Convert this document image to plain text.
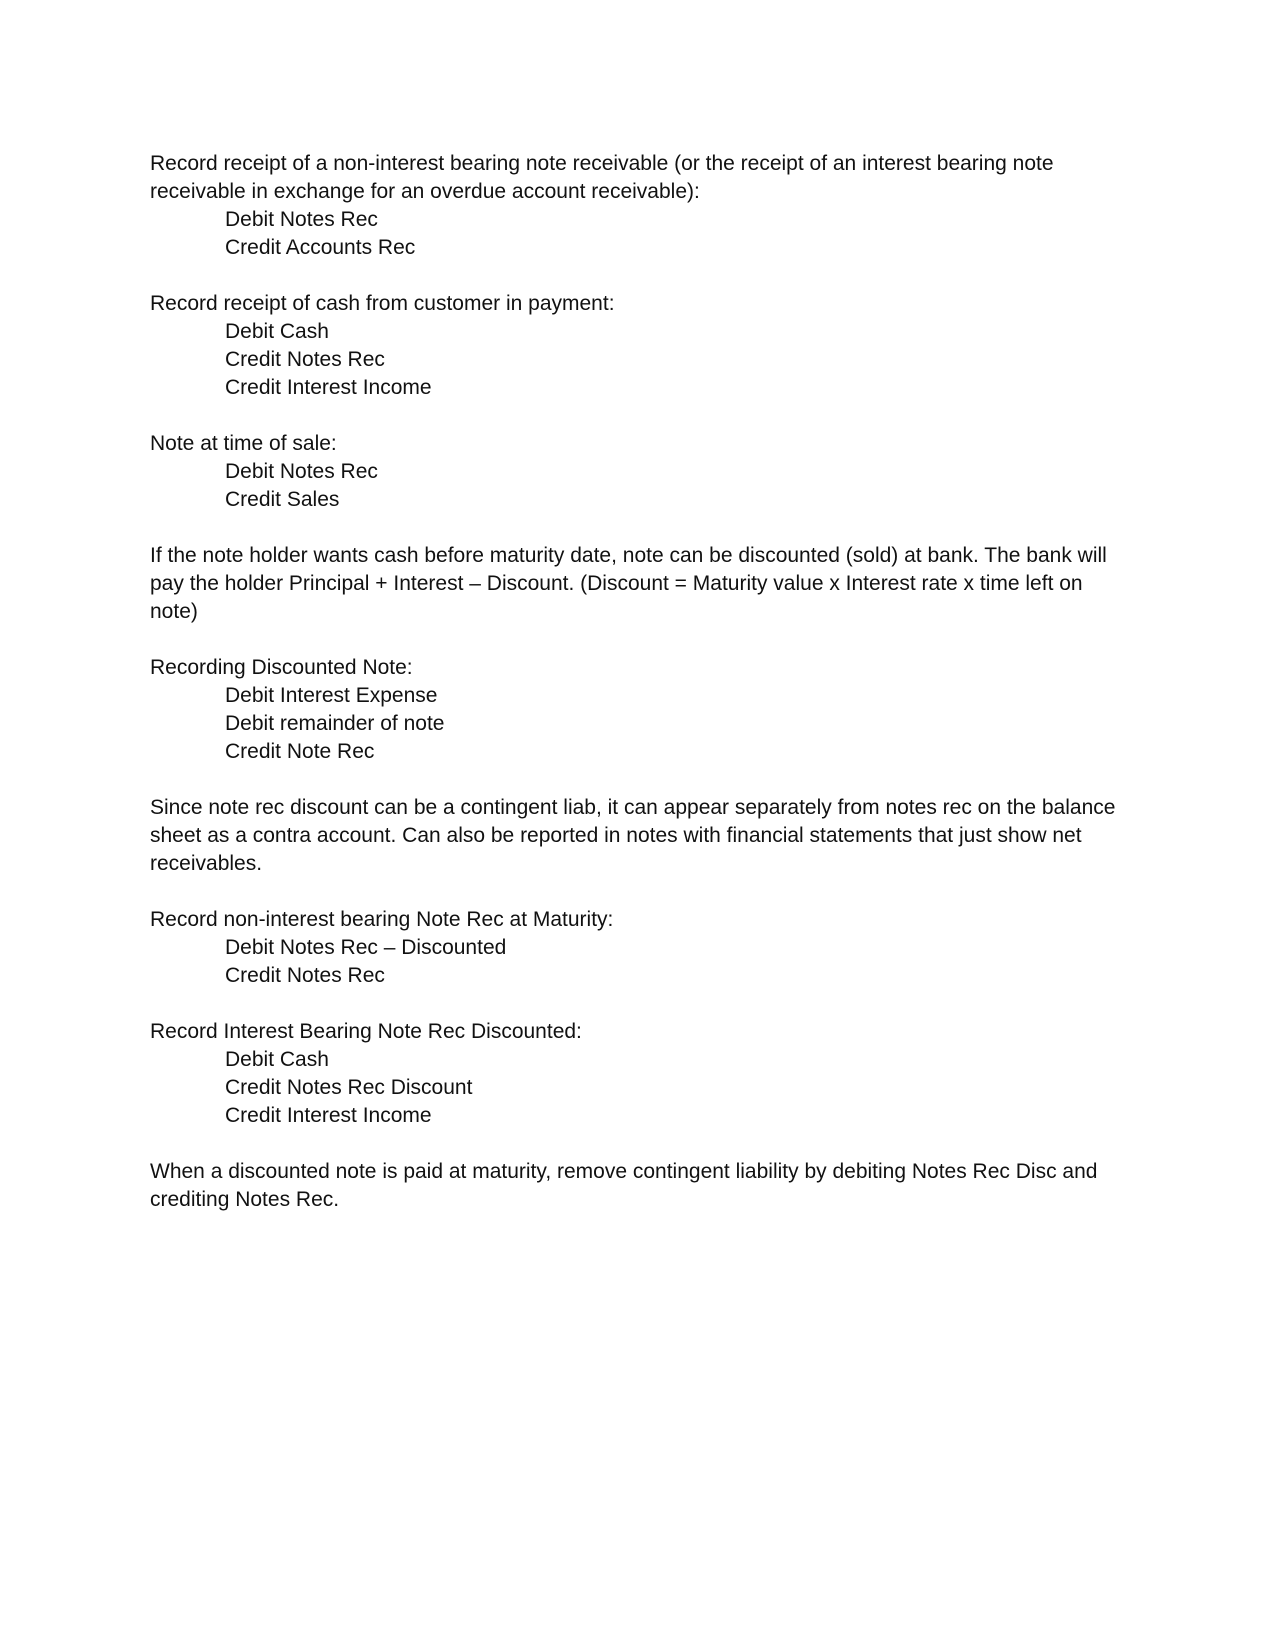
Record receipt of a non-interest bearing note receivable (or the receipt of an interest bearing note receivable in exchange for an overdue account receivable):

Debit Notes Rec
Credit Accounts Rec

Record receipt of cash from customer in payment:

Debit Cash
Credit Notes Rec
Credit Interest Income

Note at time of sale:

Debit Notes Rec
Credit Sales

If the note holder wants cash before maturity date, note can be discounted (sold) at bank. The bank will pay the holder Principal + Interest – Discount. (Discount = Maturity value x Interest rate x time left on note)

Recording Discounted Note:

Debit Interest Expense
Debit remainder of note
Credit Note Rec

Since note rec discount can be a contingent liab, it can appear separately from notes rec on the balance sheet as a contra account. Can also be reported in notes with financial statements that just show net receivables.

Record non-interest bearing Note Rec at Maturity:

Debit Notes Rec – Discounted
Credit Notes Rec

Record Interest Bearing Note Rec Discounted:

Debit Cash
Credit Notes Rec Discount
Credit Interest Income

When a discounted note is paid at maturity, remove contingent liability by debiting Notes Rec Disc and crediting Notes Rec.
